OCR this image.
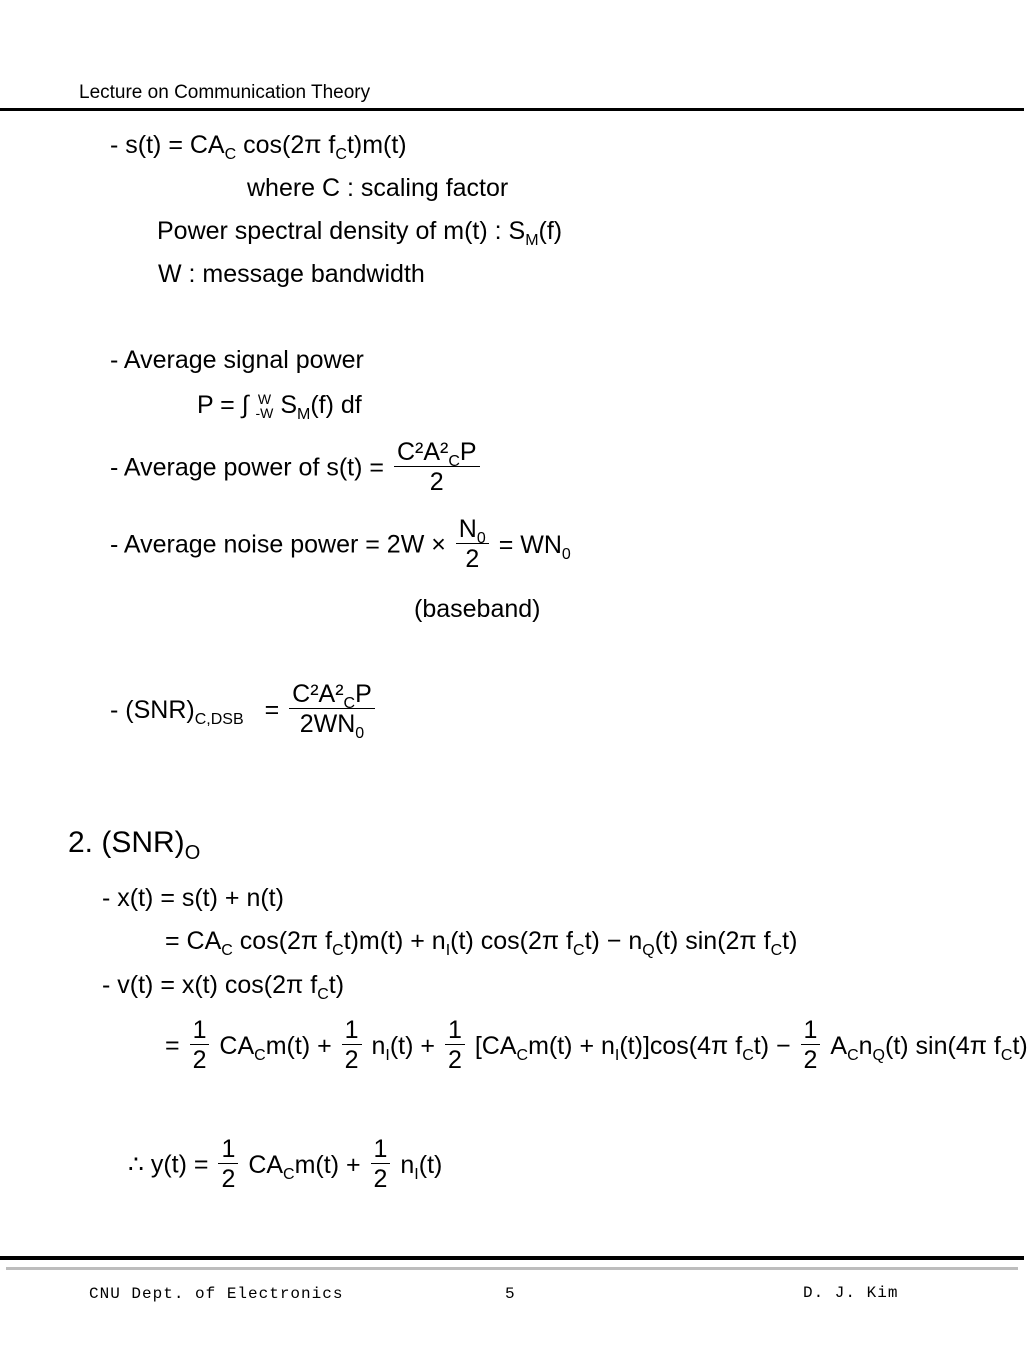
Lecture on Communication Theory
- $s(t) = CA_C$ cos(2π $f_Ct)m(t)$
where C : scaling factor
Power spectral density of m(t) : $S_M(f)$
W : message bandwidth
- Average signal power
P = ∫ W
-W $S_M(f)$ df
- Average power of $s(t) = \frac{C^2A^2_CP}{2}$
- Average noise power = $2W \times \frac{N_0}{2} = WN_0$
(baseband)
- $(SNR)_{C,DSB} = \frac{C^2A^2_CP}{2WN_0}$
2. $(SNR)_O$
- x(t) = s(t) + n(t)
= $CA_C$ cos(2π $f_Ct)m(t) + n_I(t)$ cos(2π $f_Ct) - n_Q(t)$ sin(2π $f_Ct$)
- v(t) = x(t) cos(2π $f_Ct$)
= $\frac{1}{2} CA_Cm(t) + \frac{1}{2} n_I(t) + \frac{1}{2} [CA_Cm(t) + n_I(t)]\cos(4\pi$ $f_Ct) - \frac{1}{2} A_Cn_Q(t)$ sin(4π $f_Ct$)
∴ $y(t) = \frac{1}{2} CA_Cm(t) + \frac{1}{2} n_I(t)$
CNU Dept. of Electronics	5	D. J. Kim
